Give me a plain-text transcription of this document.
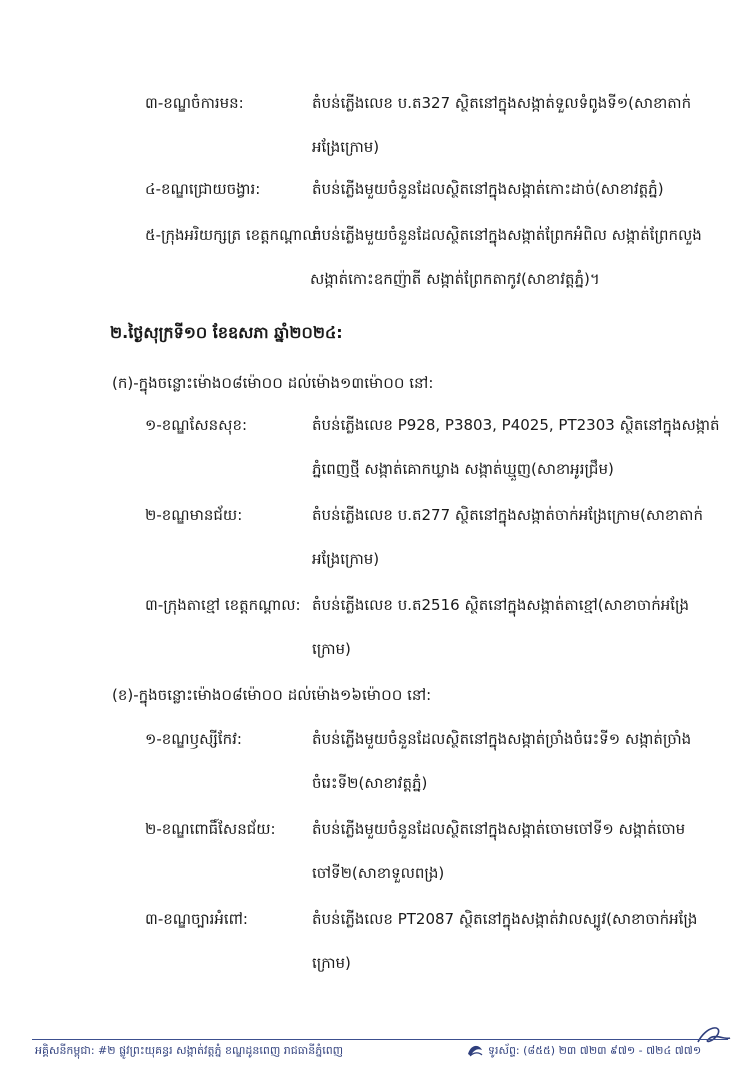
៣-ខណ្ឌចំការមន:	តំបន់ភ្លើងលេខ ប.ត327 ស្ថិតនៅក្នុងសង្កាត់ទួលទំពូងទី១(សាខាតាក់
អង្រែក្រោម)
៤-ខណ្ឌជ្រោយចង្វារ:	តំបន់ភ្លើងមួយចំនួនដែលស្ថិតនៅក្នុងសង្កាត់កោះដាច់(សាខាវត្តភ្នំ)
៥-ក្រុងអរិយក្សត្រ ខេត្តកណ្ដាល:
តំបន់ភ្លើងមួយចំនួនដែលស្ថិតនៅក្នុងសង្កាត់ព្រែកអំពិល សង្កាត់ព្រែកលួង
សង្កាត់កោះឧកញ៉ាតី សង្កាត់ព្រែកតាកូវ(សាខាវត្តភ្នំ)។
២.ថ្ងៃសុក្រទី១០ ខែឧសភា ឆ្នាំ២០២៤:
(ក)-ក្នុងចន្លោះម៉ោង០៨ម៉ោ០០ ដល់ម៉ោង១៣ម៉ោ០០ នៅ:
១-ខណ្ឌសែនសុខ:	តំបន់ភ្លើងលេខ P928, P3803, P4025, PT2303 ស្ថិតនៅក្នុងសង្កាត់
ភ្នំពេញថ្មី សង្កាត់គោកឃ្លាង សង្កាត់ឃ្មួញ(សាខាអូរជ្រឹម)
២-ខណ្ឌមានជ័យ:	តំបន់ភ្លើងលេខ ប.ត277 ស្ថិតនៅក្នុងសង្កាត់ចាក់អង្រែក្រោម(សាខាតាក់
អង្រែក្រោម)
៣-ក្រុងតាខ្មៅ ខេត្តកណ្ដាល: តំបន់ភ្លើងលេខ ប.ត2516 ស្ថិតនៅក្នុងសង្កាត់តាខ្មៅ(សាខាចាក់អង្រែ
ក្រោម)
(ខ)-ក្នុងចន្លោះម៉ោង០៨ម៉ោ០០ ដល់ម៉ោង១៦ម៉ោ០០ នៅ:
១-ខណ្ឌឫស្សីកែវ:	តំបន់ភ្លើងមួយចំនួនដែលស្ថិតនៅក្នុងសង្កាត់ច្រាំងចំរេះទី១ សង្កាត់ច្រាំង
ចំរេះទី២(សាខាវត្តភ្នំ)
២-ខណ្ឌពោធិ៍សែនជ័យ: តំបន់ភ្លើងមួយចំនួនដែលស្ថិតនៅក្នុងសង្កាត់ចោមចៅទី១ សង្កាត់ចោម
ចៅទី២(សាខាទួលពង្រ)
៣-ខណ្ឌច្បារអំពៅ:	តំបន់ភ្លើងលេខ PT2087 ស្ថិតនៅក្នុងសង្កាត់វាលស្បូវ(សាខាចាក់អង្រែ
ក្រោម)
អគ្គិសនីកម្ពុជា: #២ ផ្លូវព្រះយុគន្ធរ សង្កាត់វត្តភ្នំ ខណ្ឌដូនពេញ រាជធានីភ្នំពេញ	ទូរស័ព្ទ: (៨៥៥) ២៣ ៧២៣ ៩៧១ - ៧២៤ ៧៧១
